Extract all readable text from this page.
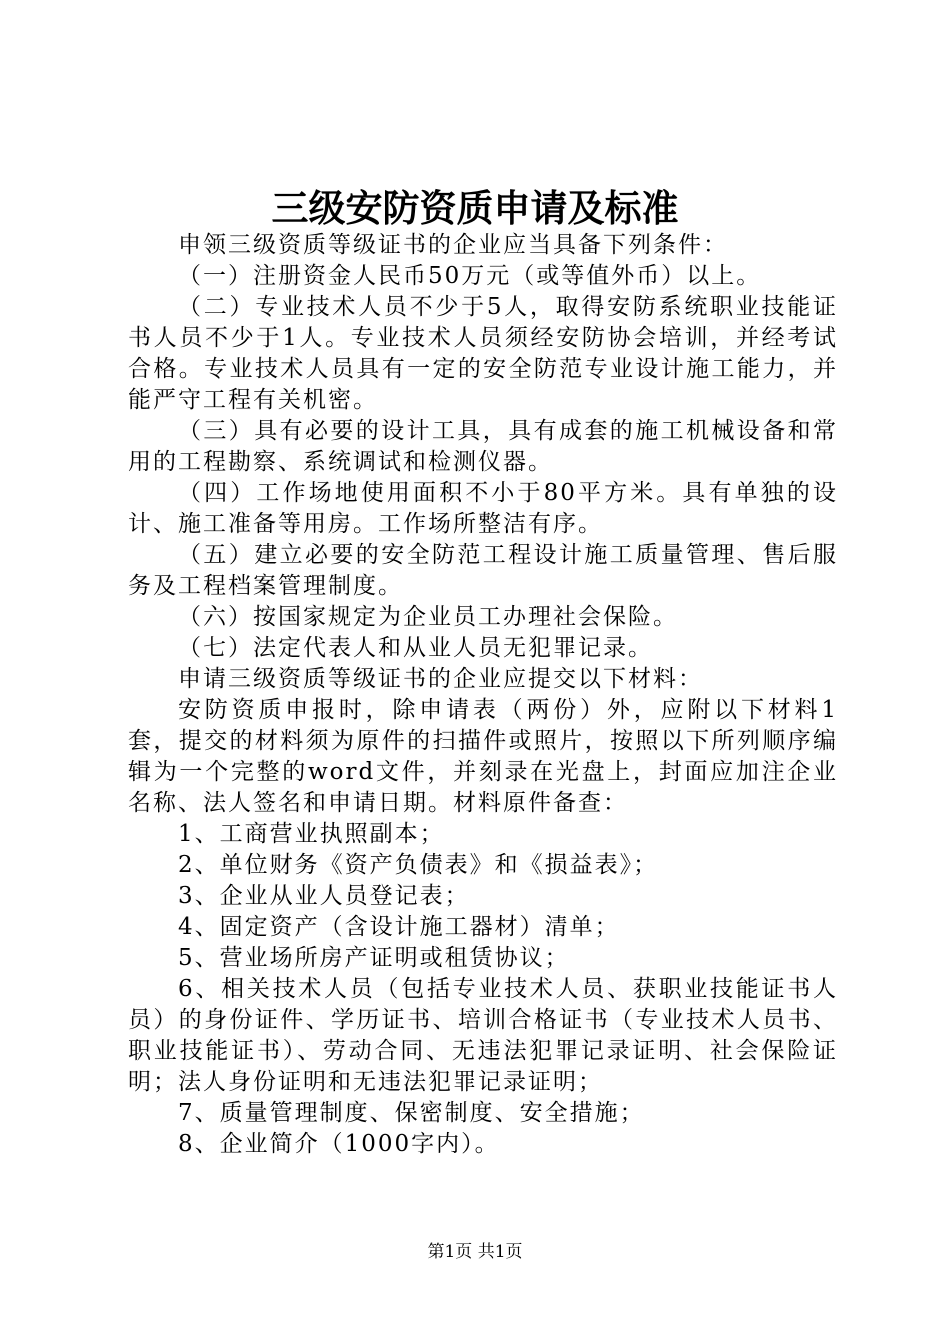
三级安防资质申请及标准

申领三级资质等级证书的企业应当具备下列条件：

（一）注册资金人民币50万元（或等值外币）以上。

（二）专业技术人员不少于5人，取得安防系统职业技能证书人员不少于1人。专业技术人员须经安防协会培训，并经考试合格。专业技术人员具有一定的安全防范专业设计施工能力，并能严守工程有关机密。

（三）具有必要的设计工具，具有成套的施工机械设备和常用的工程勘察、系统调试和检测仪器。

（四）工作场地使用面积不小于80平方米。具有单独的设计、施工准备等用房。工作场所整洁有序。

（五）建立必要的安全防范工程设计施工质量管理、售后服务及工程档案管理制度。

（六）按国家规定为企业员工办理社会保险。

（七）法定代表人和从业人员无犯罪记录。

申请三级资质等级证书的企业应提交以下材料：

安防资质申报时，除申请表（两份）外，应附以下材料1套，提交的材料须为原件的扫描件或照片，按照以下所列顺序编辑为一个完整的word文件，并刻录在光盘上，封面应加注企业名称、法人签名和申请日期。材料原件备查：

1、工商营业执照副本；

2、单位财务《资产负债表》和《损益表》；

3、企业从业人员登记表；

4、固定资产（含设计施工器材）清单；

5、营业场所房产证明或租赁协议；

6、相关技术人员（包括专业技术人员、获职业技能证书人员）的身份证件、学历证书、培训合格证书（专业技术人员书、职业技能证书）、劳动合同、无违法犯罪记录证明、社会保险证明；法人身份证明和无违法犯罪记录证明；

7、质量管理制度、保密制度、安全措施；

8、企业简介（1000字内）。

第1页 共1页
